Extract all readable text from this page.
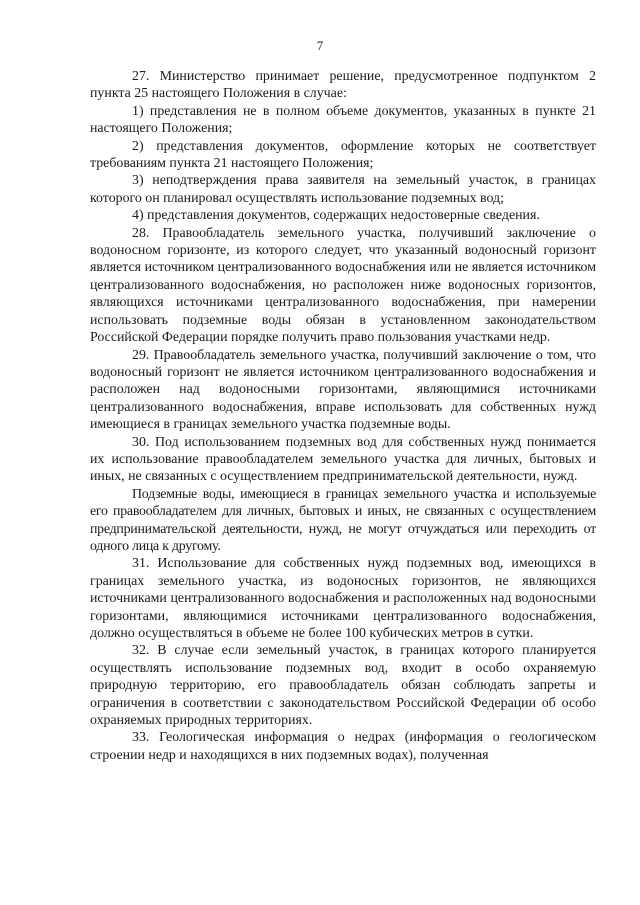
7

27. Министерство принимает решение, предусмотренное подпунктом 2 пункта 25 настоящего Положения в случае:

1) представления не в полном объеме документов, указанных в пункте 21 настоящего Положения;

2) представления документов, оформление которых не соответствует требованиям пункта 21 настоящего Положения;

3) неподтверждения права заявителя на земельный участок, в границах которого он планировал осуществлять использование подземных вод;

4) представления документов, содержащих недостоверные сведения.

28. Правообладатель земельного участка, получивший заключение о водоносном горизонте, из которого следует, что указанный водоносный горизонт является источником централизованного водоснабжения или не является источником централизованного водоснабжения, но расположен ниже водоносных горизонтов, являющихся источниками централизованного водоснабжения, при намерении использовать подземные воды обязан в установленном законодательством Российской Федерации порядке получить право пользования участками недр.

29. Правообладатель земельного участка, получивший заключение о том, что водоносный горизонт не является источником централизованного водоснабжения и расположен над водоносными горизонтами, являющимися источниками централизованного водоснабжения, вправе использовать для собственных нужд имеющиеся в границах земельного участка подземные воды.

30. Под использованием подземных вод для собственных нужд понимается их использование правообладателем земельного участка для личных, бытовых и иных, не связанных с осуществлением предпринимательской деятельности, нужд.

Подземные воды, имеющиеся в границах земельного участка и используемые его правообладателем для личных, бытовых и иных, не связанных с осуществлением предпринимательской деятельности, нужд, не могут отчуждаться или переходить от одного лица к другому.

31. Использование для собственных нужд подземных вод, имеющихся в границах земельного участка, из водоносных горизонтов, не являющихся источниками централизованного водоснабжения и расположенных над водоносными горизонтами, являющимися источниками централизованного водоснабжения, должно осуществляться в объеме не более 100 кубических метров в сутки.

32. В случае если земельный участок, в границах которого планируется осуществлять использование подземных вод, входит в особо охраняемую природную территорию, его правообладатель обязан соблюдать запреты и ограничения в соответствии с законодательством Российской Федерации об особо охраняемых природных территориях.

33. Геологическая информация о недрах (информация о геологическом строении недр и находящихся в них подземных водах), полученная
